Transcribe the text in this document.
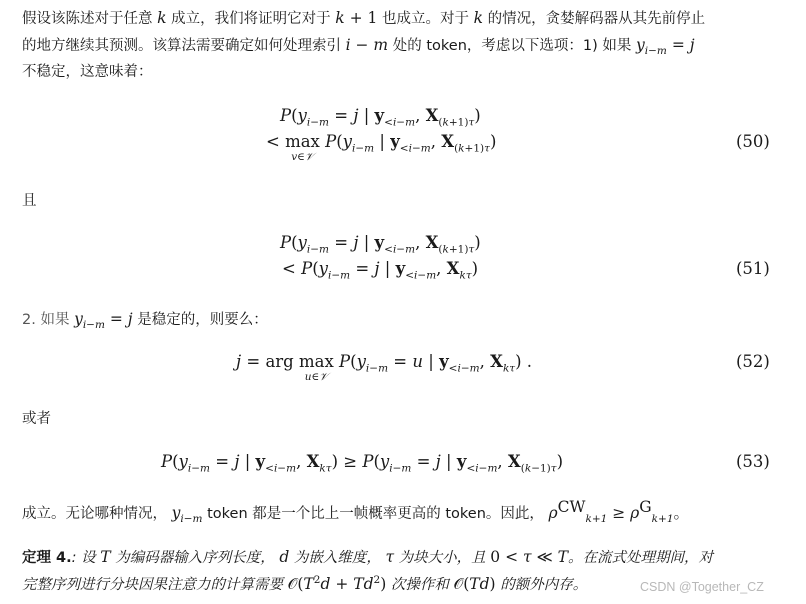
假设该陈述对于任意 k 成立，我们将证明它对于 k + 1 也成立。对于 k 的情况，贪婪解码器从其先前停止
的地方继续其预测。该算法需要确定如何处理索引 i − m 处的 token，考虑以下选项：1) 如果 $y_{i-m} = j$
不稳定，这意味着：
$P(y_{i-m} = j$ | $y_{<i-m}$, $X_{(k+1)\tau}$)
< max
v∈𝒱
$P(y_{i-m}$ | $y_{<i-m}$, $X_{(k+1)\tau}$)	(50)
且
$P(y_{i-m} = j$ | $y_{<i-m}$, $X_{(k+1)\tau}$)
< $P(y_{i-m} = j$ | $y_{<i-m}$, $X_{k\tau}$)	(51)
2. 如果 $y_{i-m} = j$ 是稳定的，则要么：
j = arg max
u∈𝒱
$P(y_{i-m} = u$ | $y_{<i-m}$, $X_{k\tau}$) .	(52)
或者
$P(y_{i-m} = j$ | $y_{<i-m}$, $X_{k\tau}) \ge P(y_{i-m} = j$ | $y_{<i-m}$, $X_{(k-1)\tau}$)	(53)
成立。无论哪种情况， $y_{i-m}$ token 都是一个比上一帧概率更高的 token。因此， $\rho^{CW}_{k+1} \ge \rho^G_{k+1}$。
定理 4.: 设 T 为编码器输入序列长度， d 为嵌入维度， τ 为块大小，且 0 < τ ≪ T。在流式处理期间，对
完整序列进行分块因果注意力的计算需要 $𝒪(T^2d + Td^2)$ 次操作和 𝒪(Td) 的额外内存。	CSDN @Together_CZ
